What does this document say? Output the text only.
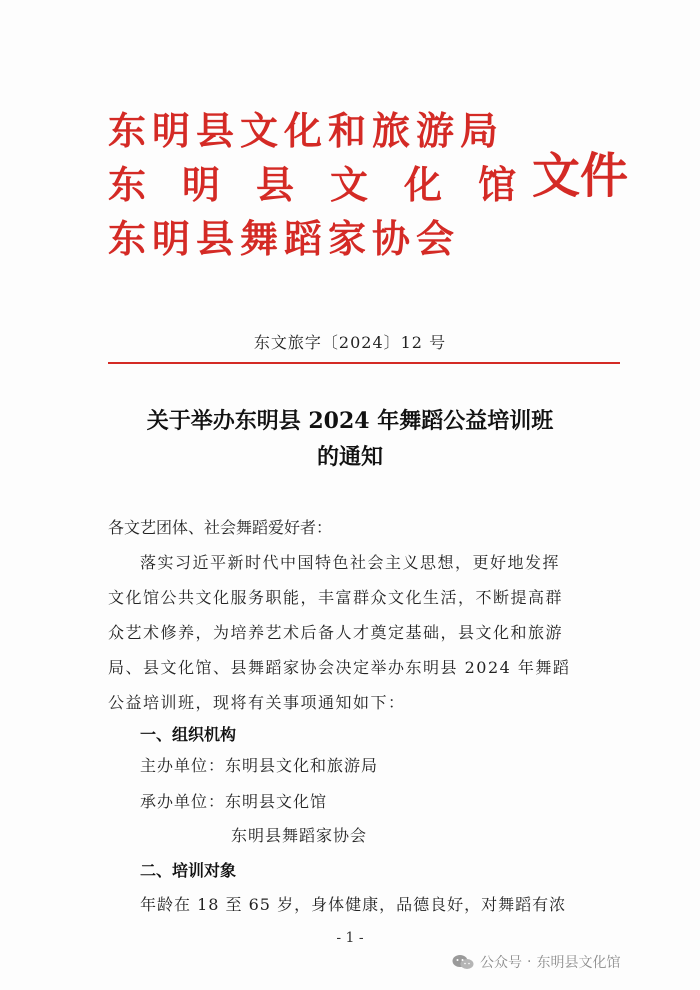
东明县文化和旅游局
东明县文化馆
东明县舞蹈家协会
文件
东文旅字〔2024〕12 号
关于举办东明县 2024 年舞蹈公益培训班
的通知
各文艺团体、社会舞蹈爱好者：
落实习近平新时代中国特色社会主义思想，更好地发挥
文化馆公共文化服务职能，丰富群众文化生活，不断提高群
众艺术修养，为培养艺术后备人才奠定基础，县文化和旅游
局、县文化馆、县舞蹈家协会决定举办东明县 2024 年舞蹈
公益培训班，现将有关事项通知如下：
一、组织机构
主办单位：东明县文化和旅游局
承办单位：东明县文化馆
东明县舞蹈家协会
二、培训对象
年龄在 18 至 65 岁，身体健康，品德良好，对舞蹈有浓
- 1 -
公众号 · 东明县文化馆
